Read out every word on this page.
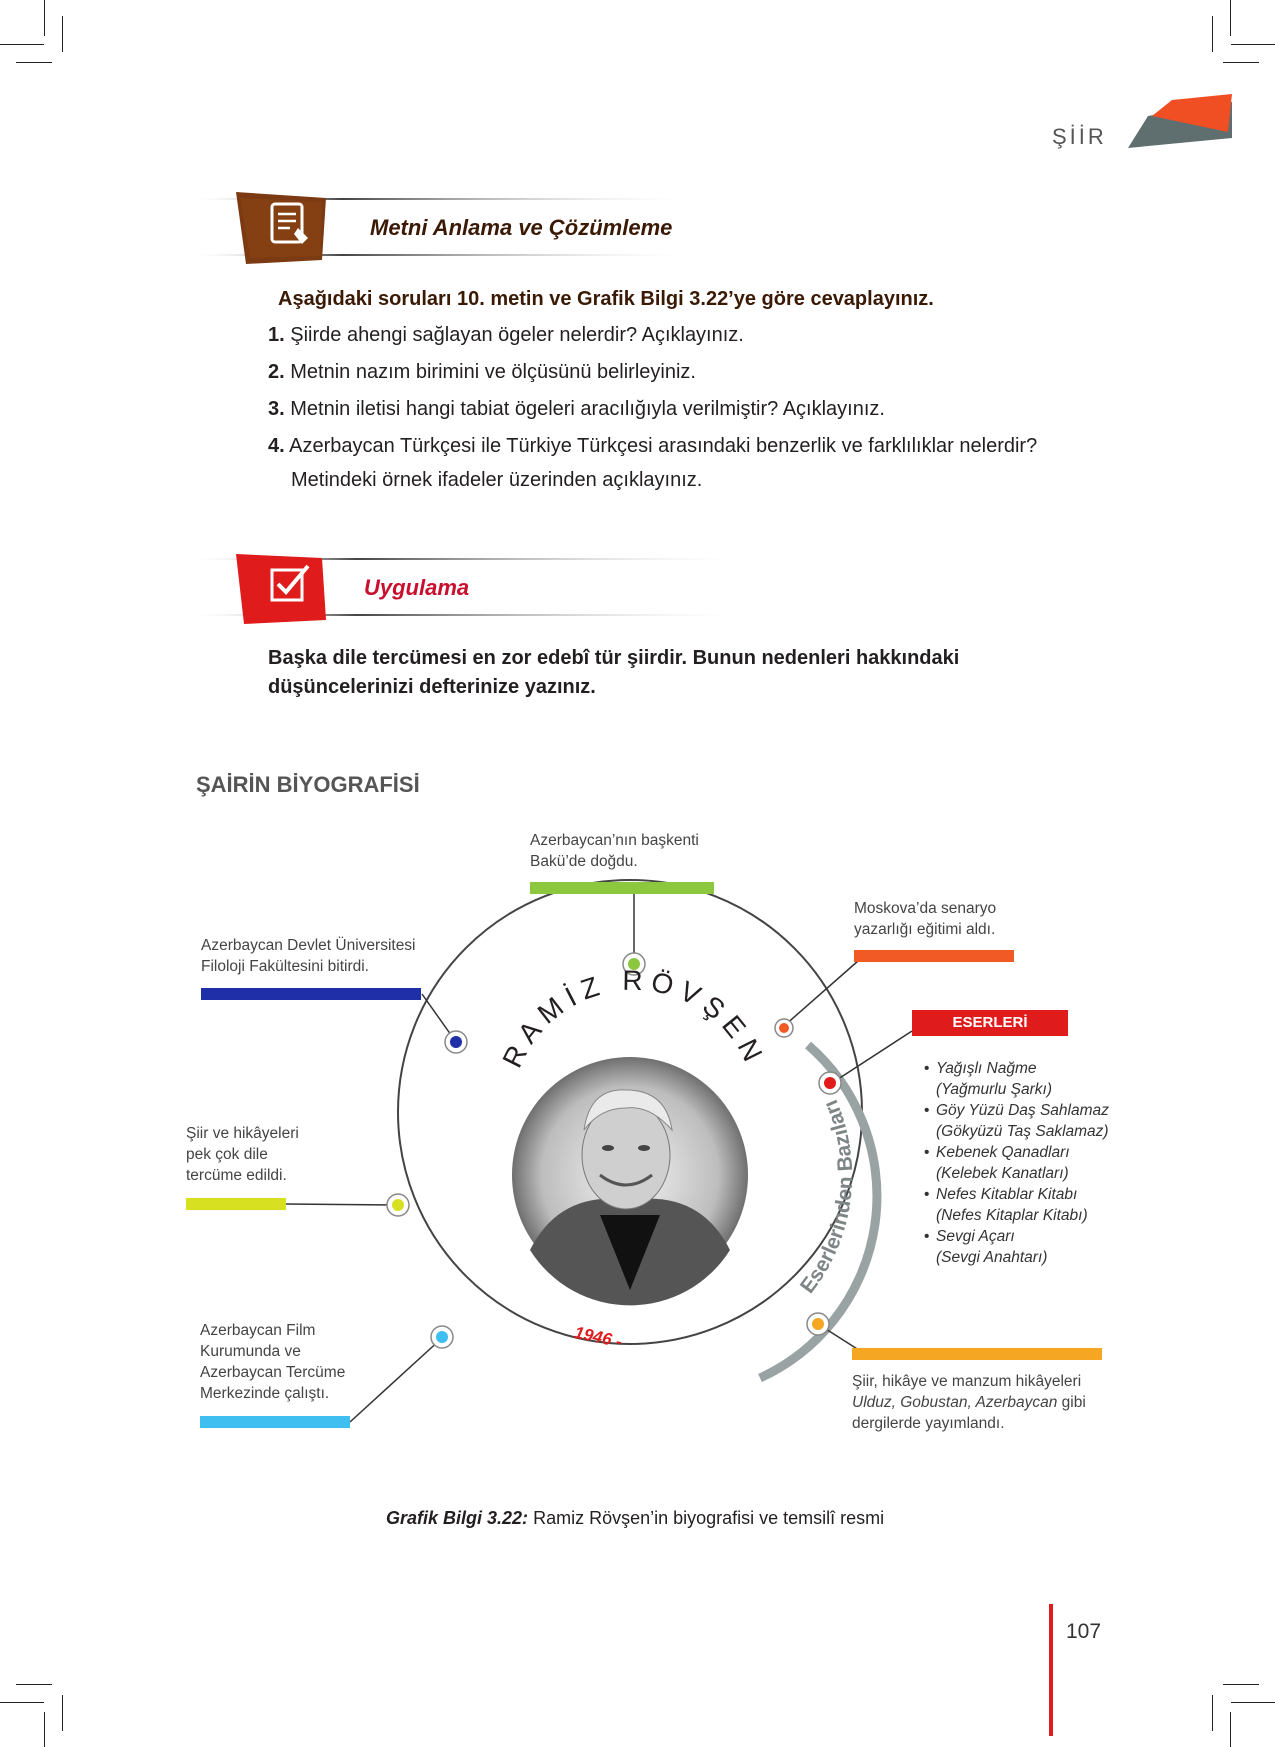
ŞİİR
Metni Anlama ve Çözümleme
Aşağıdaki soruları 10. metin ve Grafik Bilgi 3.22’ye göre cevaplayınız.
1. Şiirde ahengi sağlayan ögeler nelerdir? Açıklayınız.
2. Metnin nazım birimini ve ölçüsünü belirleyiniz.
3. Metnin iletisi hangi tabiat ögeleri aracılığıyla verilmiştir? Açıklayınız.
4. Azerbaycan Türkçesi ile Türkiye Türkçesi arasındaki benzerlik ve farklılıklar nelerdir?
Metindeki örnek ifadeler üzerinden açıklayınız.
Uygulama
Başka dile tercümesi en zor edebî tür şiirdir. Bunun nedenleri hakkındaki
düşüncelerinizi defterinize yazınız.
ŞAİRİN BİYOGRAFİSİ
RAMİZ RÖVŞEN
Eserlerinden Bazıları
1946 -
Azerbaycan’nın başkenti
Bakü’de doğdu.
Moskova’da senaryo
yazarlığı eğitimi aldı.
Azerbaycan Devlet Üniversitesi
Filoloji Fakültesini bitirdi.
Şiir ve hikâyeleri
pek çok dile
tercüme edildi.
Azerbaycan Film
Kurumunda ve
Azerbaycan Tercüme
Merkezinde çalıştı.
Şiir, hikâye ve manzum hikâyeleri
Ulduz, Gobustan, Azerbaycan gibi
dergilerde yayımlandı.
ESERLERİ
• Yağışlı Nağme
(Yağmurlu Şarkı)
• Göy Yüzü Daş Sahlamaz
(Gökyüzü Taş Saklamaz)
• Kebenek Qanadları
(Kelebek Kanatları)
• Nefes Kitablar Kitabı
(Nefes Kitaplar Kitabı)
• Sevgi Açarı
(Sevgi Anahtarı)
Grafik Bilgi 3.22: Ramiz Rövşen’in biyografisi ve temsilî resmi
107
